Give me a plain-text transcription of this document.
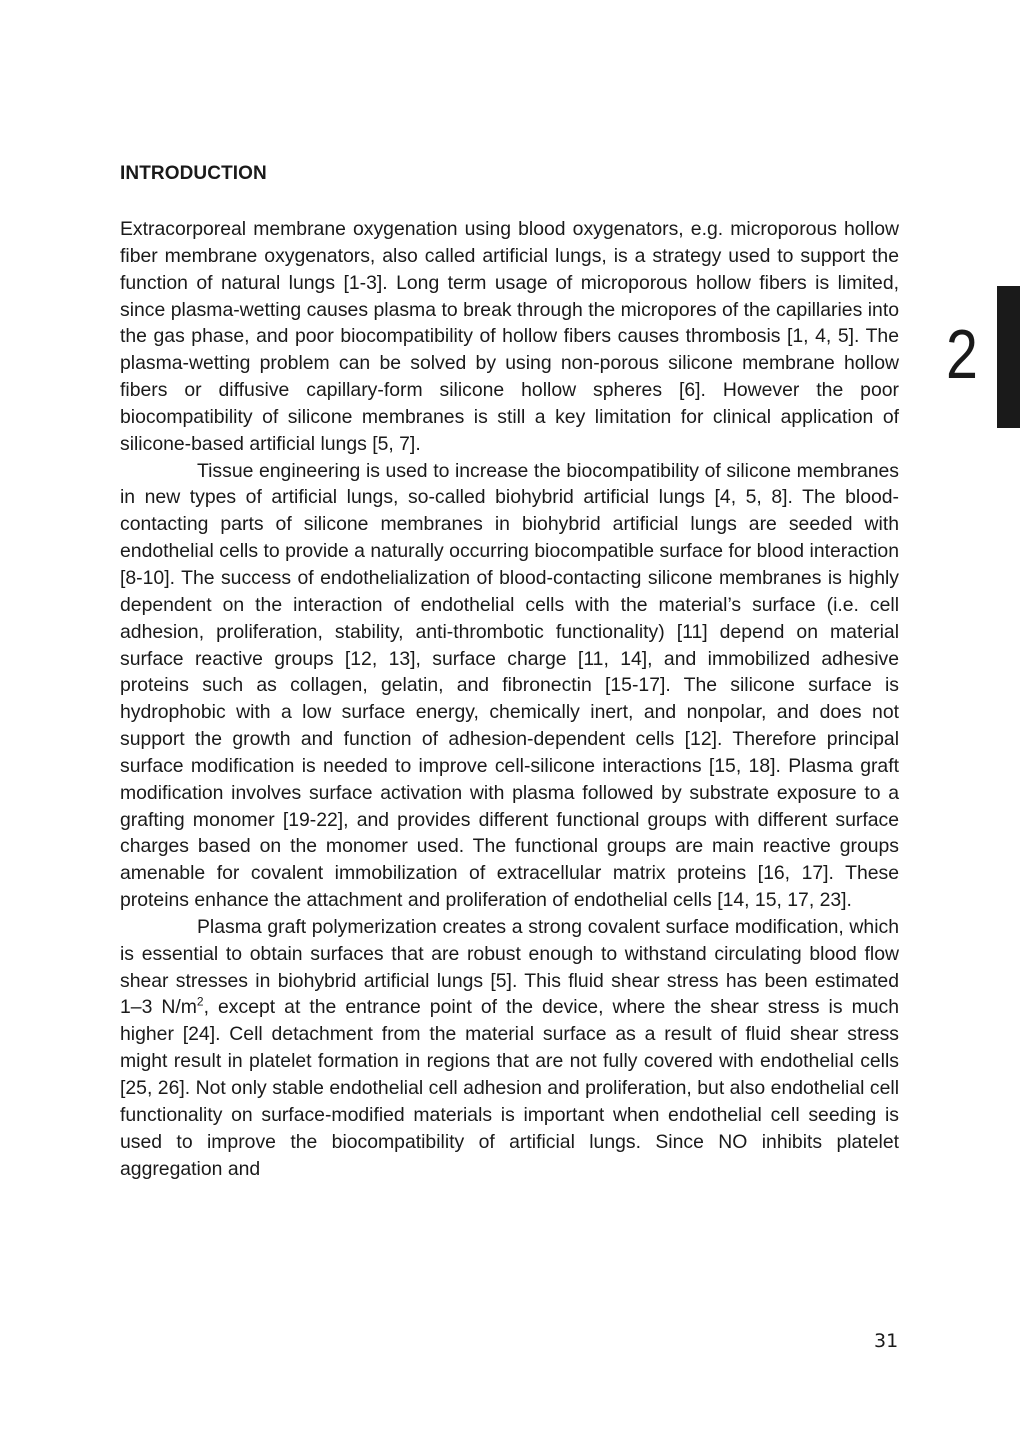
INTRODUCTION

Extracorporeal membrane oxygenation using blood oxygenators, e.g. microporous hollow fiber membrane oxygenators, also called artificial lungs, is a strategy used to support the function of natural lungs [1-3]. Long term usage of microporous hollow fibers is limited, since plasma-wetting causes plasma to break through the micropores of the capillaries into the gas phase, and poor biocompatibility of hollow fibers causes thrombosis [1, 4, 5]. The plasma-wetting problem can be solved by using non-porous silicone membrane hollow fibers or diffusive capillary-form silicone hollow spheres [6]. However the poor biocompatibility of silicone membranes is still a key limitation for clinical application of silicone-based artificial lungs [5, 7].

Tissue engineering is used to increase the biocompatibility of silicone membranes in new types of artificial lungs, so-called biohybrid artificial lungs [4, 5, 8]. The blood-contacting parts of silicone membranes in biohybrid artificial lungs are seeded with endothelial cells to provide a naturally occurring biocompatible surface for blood interaction [8-10]. The success of endothelialization of blood-contacting silicone membranes is highly dependent on the interaction of endothelial cells with the material’s surface (i.e. cell adhesion, proliferation, stability, anti-thrombotic functionality) [11] depend on material surface reactive groups [12, 13], surface charge [11, 14], and immobilized adhesive proteins such as collagen, gelatin, and fibronectin [15-17]. The silicone surface is hydrophobic with a low surface energy, chemically inert, and nonpolar, and does not support the growth and function of adhesion-dependent cells [12]. Therefore principal surface modification is needed to improve cell-silicone interactions [15, 18]. Plasma graft modification involves surface activation with plasma followed by substrate exposure to a grafting monomer [19-22], and provides different functional groups with different surface charges based on the monomer used. The functional groups are main reactive groups amenable for covalent immobilization of extracellular matrix proteins [16, 17]. These proteins enhance the attachment and proliferation of endothelial cells [14, 15, 17, 23].

Plasma graft polymerization creates a strong covalent surface modification, which is essential to obtain surfaces that are robust enough to withstand circulating blood flow shear stresses in biohybrid artificial lungs [5]. This fluid shear stress has been estimated 1–3 $N/m^2$, except at the entrance point of the device, where the shear stress is much higher [24]. Cell detachment from the material surface as a result of fluid shear stress might result in platelet formation in regions that are not fully covered with endothelial cells [25, 26]. Not only stable endothelial cell adhesion and proliferation, but also endothelial cell functionality on surface-modified materials is important when endothelial cell seeding is used to improve the biocompatibility of artificial lungs. Since NO inhibits platelet aggregation and

2
31
